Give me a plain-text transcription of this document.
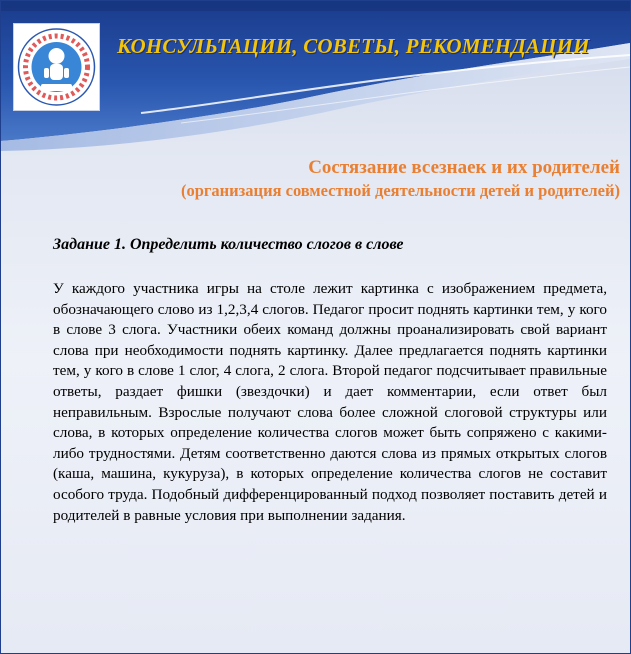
КОНСУЛЬТАЦИИ, СОВЕТЫ, РЕКОМЕНДАЦИИ
Состязание всезнаек и их родителей

(организация совместной деятельности детей и родителей)

Задание 1. Определить количество слогов в слове

У каждого участника игры на столе лежит картинка с изображением предмета, обозначающего слово из 1,2,3,4 слогов. Педагог просит поднять картинки тем, у кого в слове 3 слога. Участники обеих команд должны проанализировать свой вариант слова при необходимости поднять картинку. Далее предлагается поднять картинки тем, у кого в слове 1 слог, 4 слога, 2 слога. Второй педагог подсчитывает правильные ответы, раздает фишки (звездочки) и дает комментарии, если ответ был неправильным. Взрослые получают слова более сложной слоговой структуры или слова, в которых определение количества слогов может быть сопряжено с какими-либо трудностями. Детям соответственно даются слова из прямых открытых слогов (каша, машина, кукуруза), в которых определение количества слогов не составит особого труда. Подобный дифференцированный подход позволяет поставить детей и родителей в равные условия при выполнении задания.
